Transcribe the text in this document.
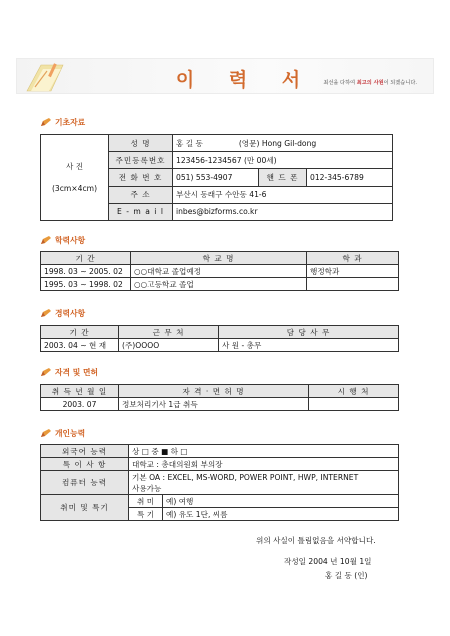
이 력 서	최선을 다하여 최고의 사원이 되겠습니다.
기초자료
사 진
(3cm×4cm)	성 명	홍 길 동 (영문) Hong Gil-dong		
	주민등록번호	123456-1234567 (만 00세)		
	전 화 번 호	051) 553-4907	핸 드 폰	012-345-6789
	주 소	부산시 동래구 수안동 41-6		
	E - m a i l	inbes@bizforms.co.kr		
학력사항
기 간	학 교 명	학 과
1998. 03 ~ 2005. 02	○○대학교 졸업예정	행정학과
1995. 03 ~ 1998. 02	○○고등학교 졸업	
경력사항
기 간	근 무 처	담 당 사 무
2003. 04 ~ 현 재	(주)OOOO	사 원 - 총무
자격 및 면허
취 득 년 월 일	자 격 · 면 허 명	시 행 처
2003. 07	정보처리기사 1급 취득	
개인능력
외국어 능력	상 □ 중 ■ 하 □	
특 이 사 항	대학교 : 총대의원회 부의장	
컴퓨터 능력	기본 OA : EXCEL, MS-WORD, POWER POINT, HWP, INTERNET
사용가능	

취미 및 특기	취 미	예) 여행
	특 기	예) 유도 1단, 씨름
위의 사실이 틀림없음을 서약합니다.
작성일 2004 년 10월 1일
홍 길 동 (인)
